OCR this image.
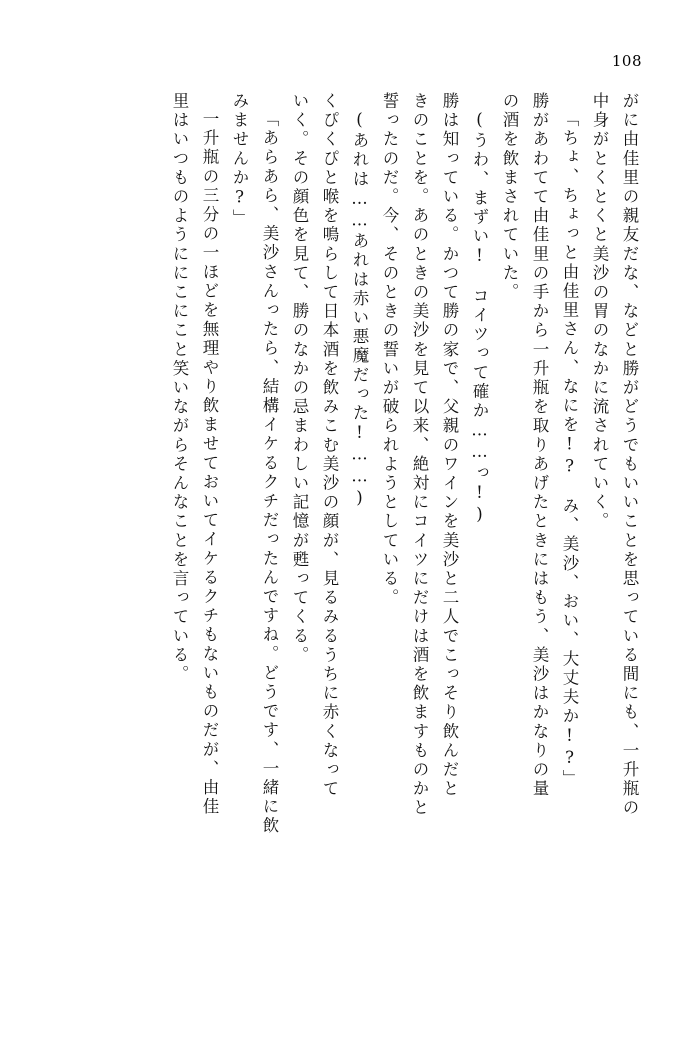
108
がに由佳里の親友だな、などと勝がどうでもいいことを思っている間にも、一升瓶の
中身がとくとくと美沙の胃のなかに流されていく。
「ちょ、ちょっと由佳里さん、なにを!?　み、美沙、おい、大丈夫か!?」
勝があわてて由佳里の手から一升瓶を取りあげたときにはもう、美沙はかなりの量
の酒を飲まされていた。
(うわ、まずい!　コイツって確か……っ!)
勝は知っている。かつて勝の家で、父親のワインを美沙と二人でこっそり飲んだと
きのことを。あのときの美沙を見て以来、絶対にコイツにだけは酒を飲ますものかと
誓ったのだ。今、そのときの誓いが破られようとしている。
(あれは……あれは赤い悪魔だった!……)
くぴくぴと喉を鳴らして日本酒を飲みこむ美沙の顔が、見るみるうちに赤くなって
いく。その顔色を見て、勝のなかの忌まわしい記憶が甦ってくる。
「あらあら、美沙さんったら、結構イケるクチだったんですね。どうです、一緒に飲
みませんか?」
一升瓶の三分の一ほどを無理やり飲ませておいてイケるクチもないものだが、由佳
里はいつものようににこにこと笑いながらそんなことを言っている。
